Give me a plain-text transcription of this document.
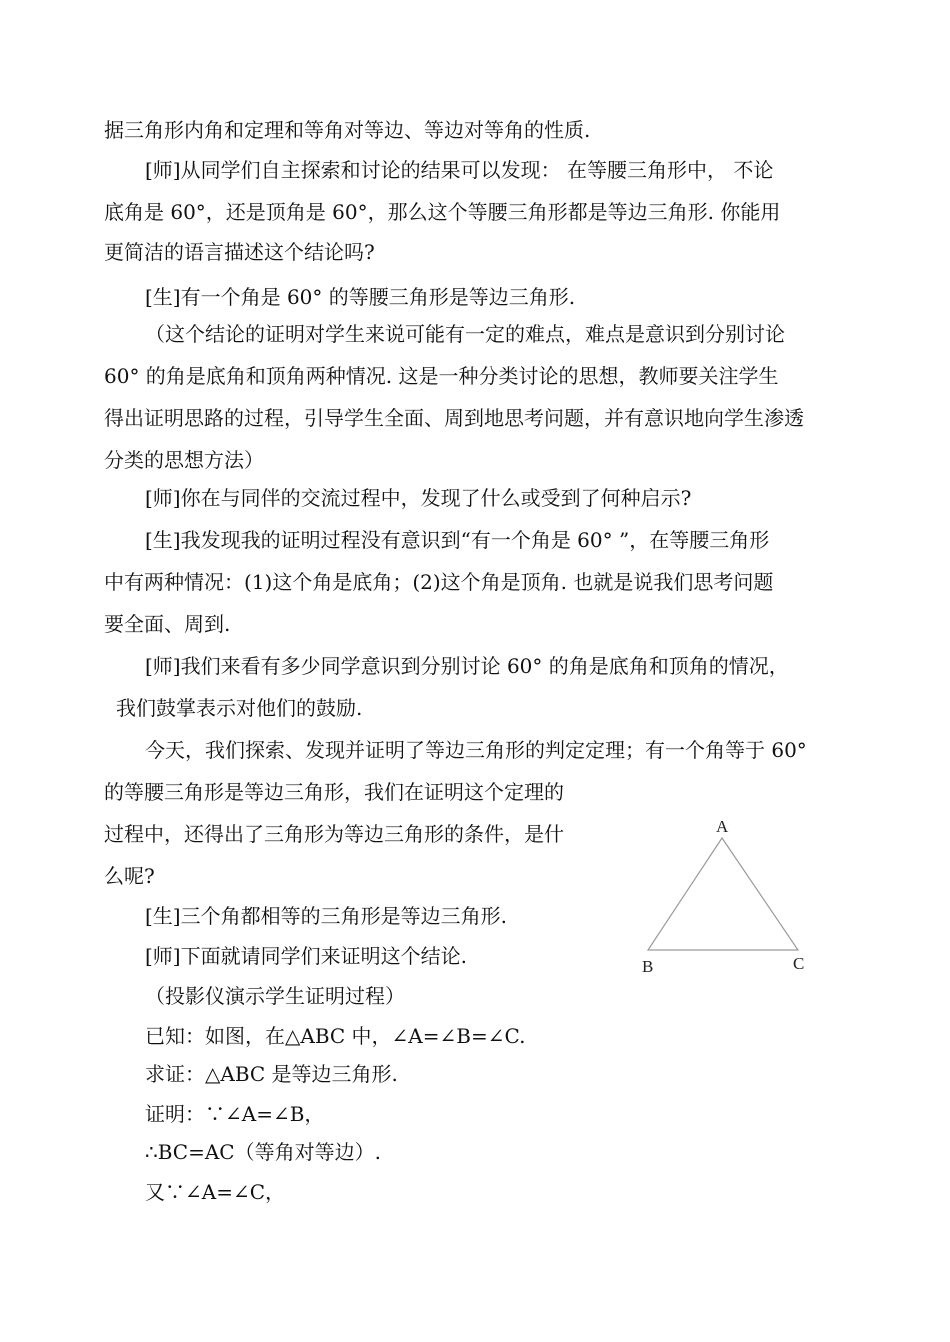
据三角形内角和定理和等角对等边、等边对等角的性质.
[师]从同学们自主探索和讨论的结果可以发现： 在等腰三角形中， 不论
底角是 60°，还是顶角是 60°，那么这个等腰三角形都是等边三角形. 你能用
更简洁的语言描述这个结论吗?
[生]有一个角是 60° 的等腰三角形是等边三角形.
（这个结论的证明对学生来说可能有一定的难点，难点是意识到分别讨论
60° 的角是底角和顶角两种情况. 这是一种分类讨论的思想，教师要关注学生
得出证明思路的过程，引导学生全面、周到地思考问题，并有意识地向学生渗透
分类的思想方法）
[师]你在与同伴的交流过程中，发现了什么或受到了何种启示?
[生]我发现我的证明过程没有意识到“有一个角是 60° ”，在等腰三角形
中有两种情况：(1)这个角是底角；(2)这个角是顶角. 也就是说我们思考问题
要全面、周到.
[师]我们来看有多少同学意识到分别讨论 60° 的角是底角和顶角的情况，
我们鼓掌表示对他们的鼓励.
今天，我们探索、发现并证明了等边三角形的判定定理；有一个角等于 60°
的等腰三角形是等边三角形，我们在证明这个定理的
过程中，还得出了三角形为等边三角形的条件，是什
么呢?
[生]三个角都相等的三角形是等边三角形.
[师]下面就请同学们来证明这个结论.
（投影仪演示学生证明过程）
已知：如图，在△ABC 中，∠A=∠B=∠C.
求证：△ABC 是等边三角形.
证明：∵∠A=∠B，
∴BC=AC（等角对等边）.
又∵∠A=∠C，
A
B	C
